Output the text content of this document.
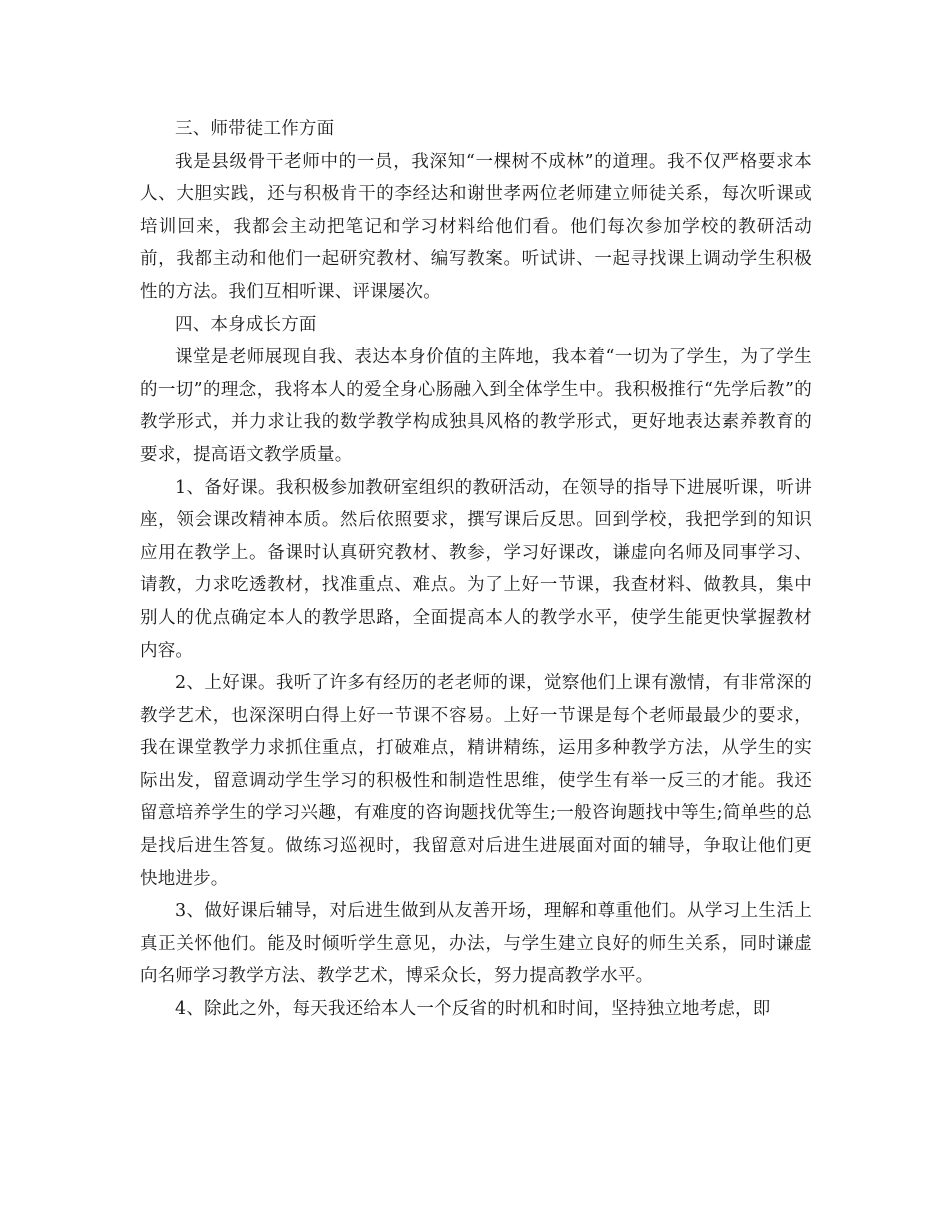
三、师带徒工作方面

我是县级骨干老师中的一员，我深知“一棵树不成林”的道理。我不仅严格要求本人、大胆实践，还与积极肯干的李经达和谢世孝两位老师建立师徒关系，每次听课或培训回来，我都会主动把笔记和学习材料给他们看。他们每次参加学校的教研活动前，我都主动和他们一起研究教材、编写教案。听试讲、一起寻找课上调动学生积极性的方法。我们互相听课、评课屡次。

四、本身成长方面

课堂是老师展现自我、表达本身价值的主阵地，我本着“一切为了学生，为了学生的一切”的理念，我将本人的爱全身心肠融入到全体学生中。我积极推行“先学后教”的教学形式，并力求让我的数学教学构成独具风格的教学形式，更好地表达素养教育的要求，提高语文教学质量。

1、备好课。我积极参加教研室组织的教研活动，在领导的指导下进展听课，听讲座，领会课改精神本质。然后依照要求，撰写课后反思。回到学校，我把学到的知识应用在教学上。备课时认真研究教材、教参，学习好课改，谦虚向名师及同事学习、请教，力求吃透教材，找准重点、难点。为了上好一节课，我查材料、做教具，集中别人的优点确定本人的教学思路，全面提高本人的教学水平，使学生能更快掌握教材内容。

2、上好课。我听了许多有经历的老老师的课，觉察他们上课有激情，有非常深的教学艺术，也深深明白得上好一节课不容易。上好一节课是每个老师最最少的要求，我在课堂教学力求抓住重点，打破难点，精讲精练，运用多种教学方法，从学生的实际出发，留意调动学生学习的积极性和制造性思维，使学生有举一反三的才能。我还留意培养学生的学习兴趣，有难度的咨询题找优等生;一般咨询题找中等生;简单些的总是找后进生答复。做练习巡视时，我留意对后进生进展面对面的辅导，争取让他们更快地进步。

3、做好课后辅导，对后进生做到从友善开场，理解和尊重他们。从学习上生活上真正关怀他们。能及时倾听学生意见，办法，与学生建立良好的师生关系，同时谦虚向名师学习教学方法、教学艺术，博采众长，努力提高教学水平。

4、除此之外，每天我还给本人一个反省的时机和时间，坚持独立地考虑，即
